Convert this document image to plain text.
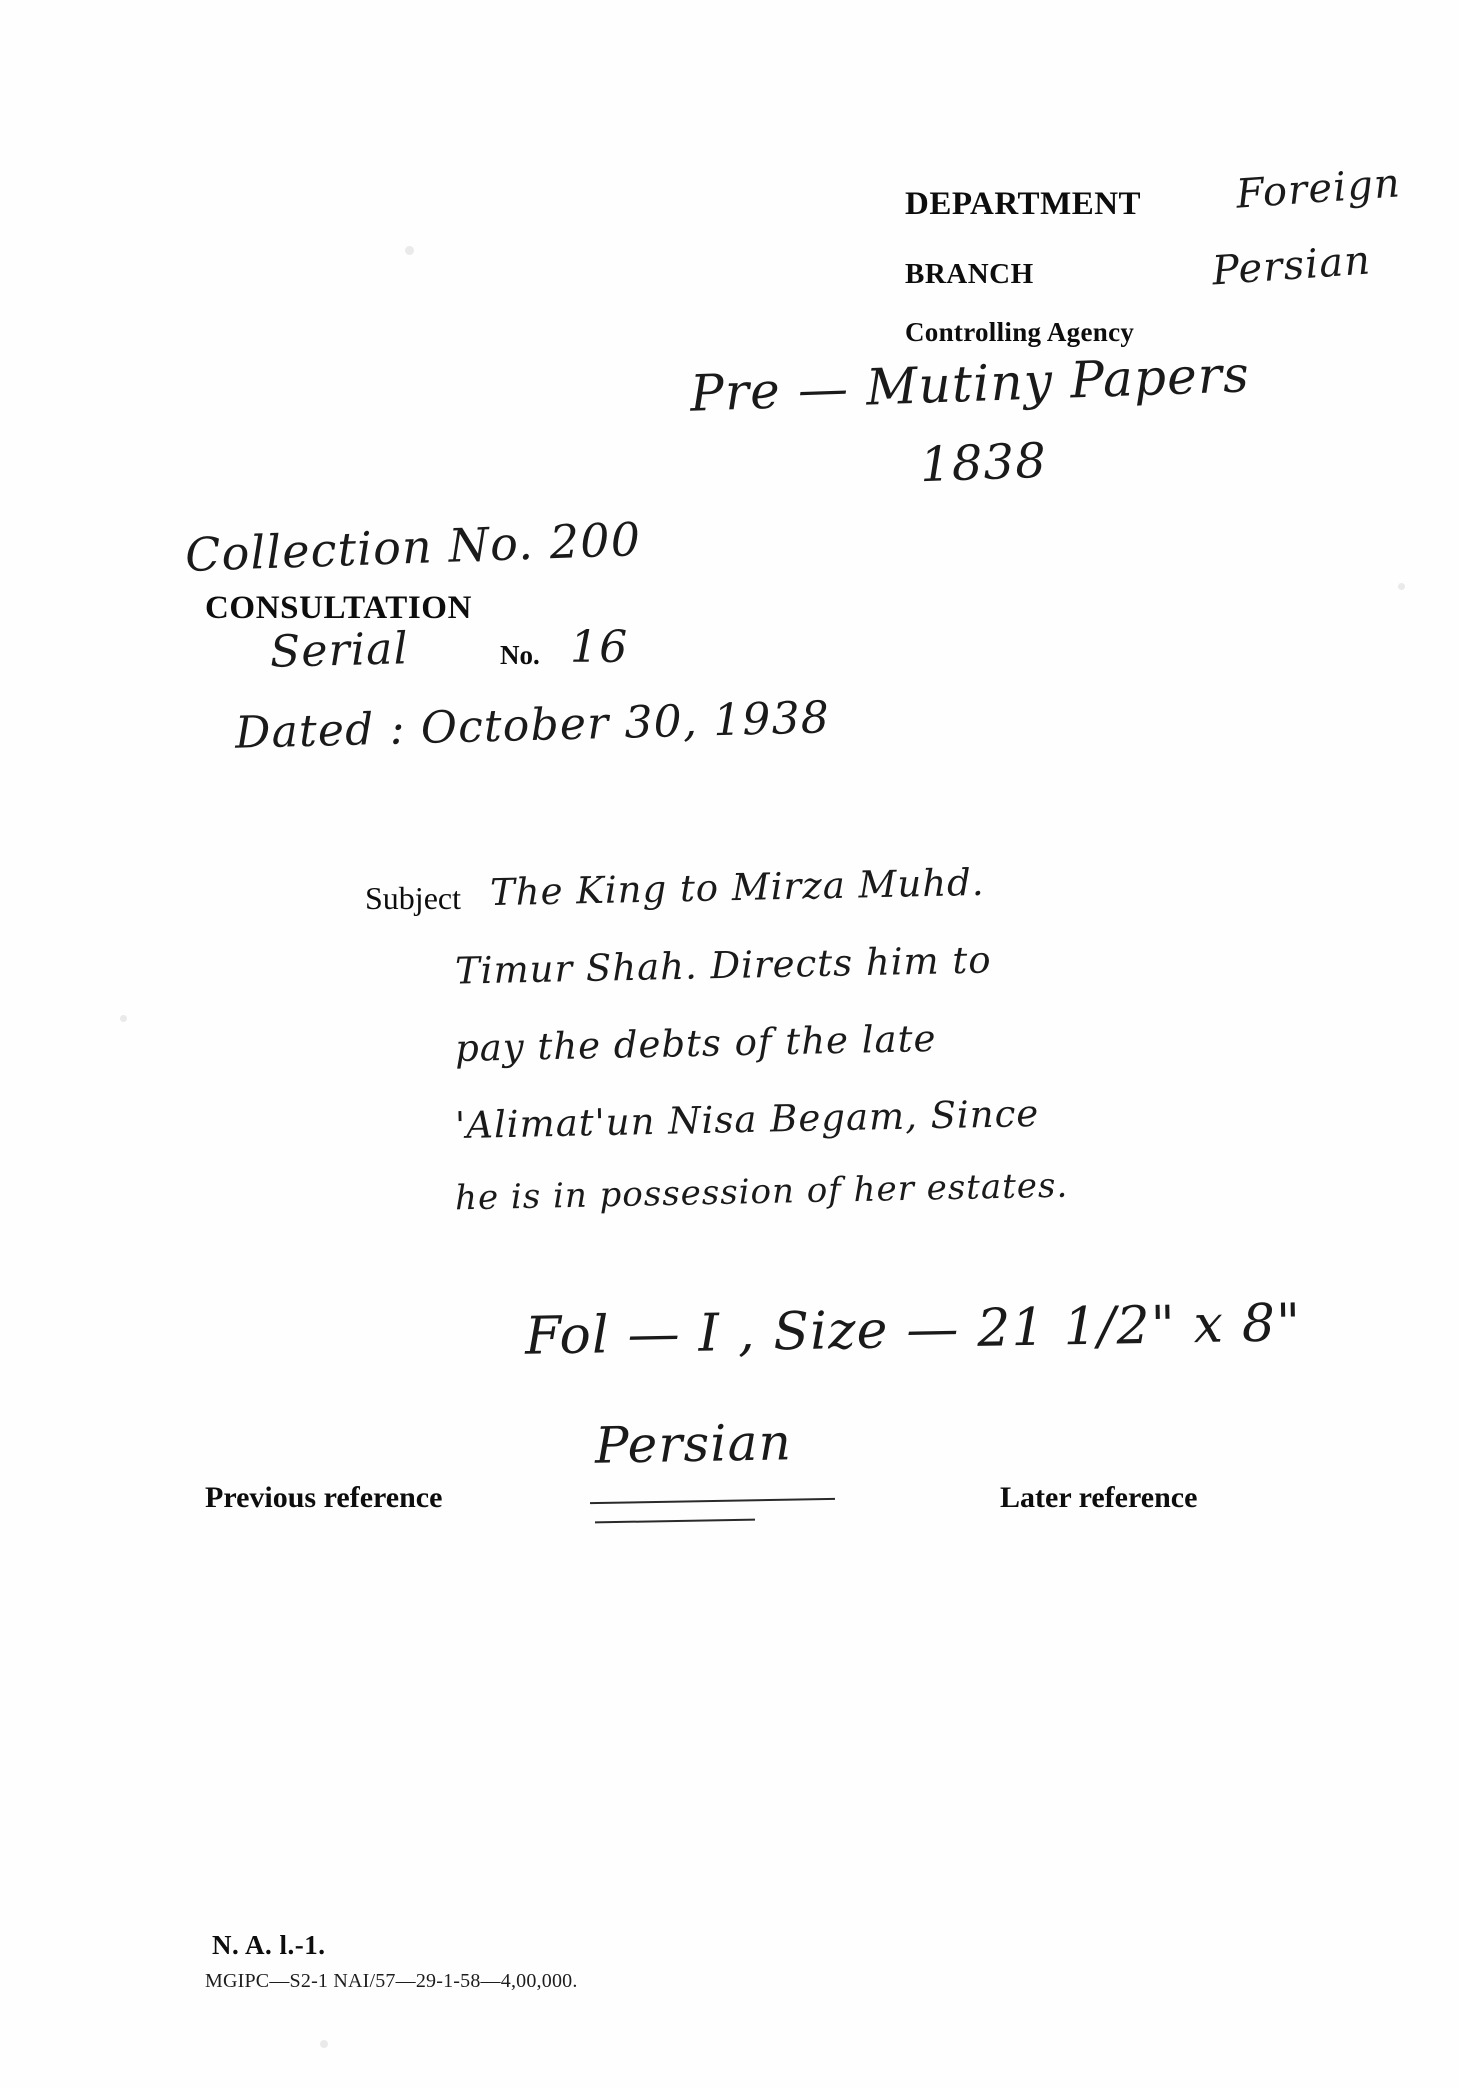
DEPARTMENT Foreign
BRANCH	Persian
Controlling Agency
Pre — Mutiny Papers
1838
Collection No. 200
CONSULTATION
Serial	No. 16
Dated : October 30, 1938
Subject The King to Mirza Muhd.
Timur Shah. Directs him to
pay the debts of the late
'Alimat'un Nisa Begam, Since
he is in possession of her estates.
Fol — I , Size — 21 1/2" x 8"
Persian
Previous reference	Later reference
N. A. l.-1.
MGIPC—S2-1 NAI/57—29-1-58—4,00,000.
